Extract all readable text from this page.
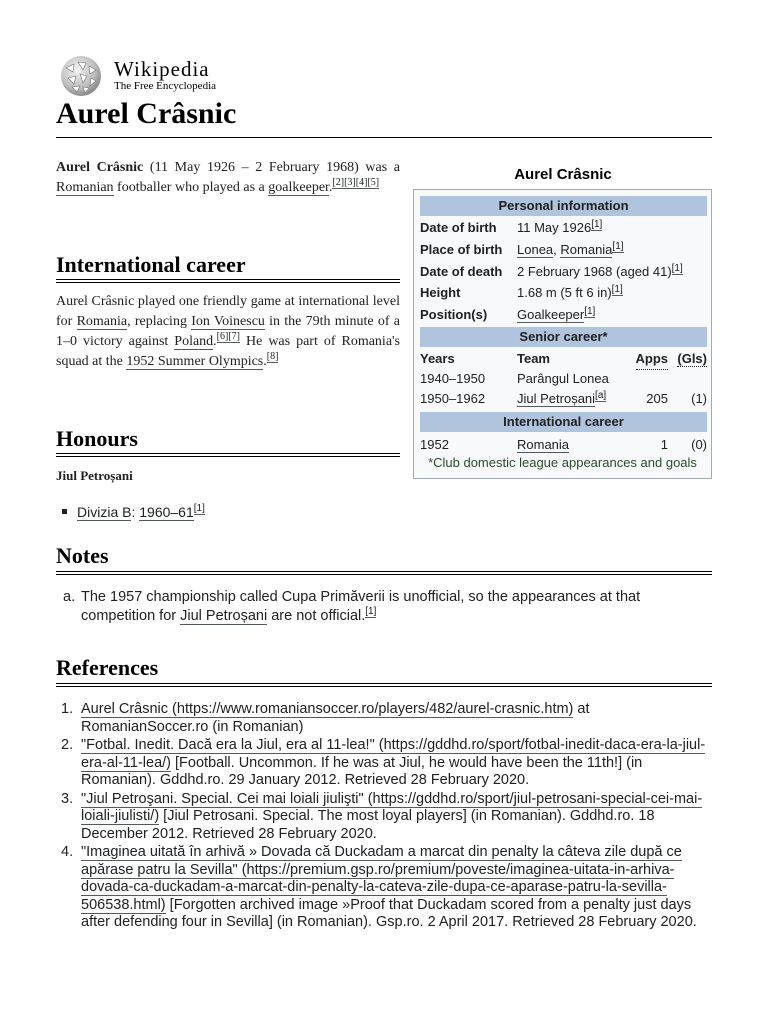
Wikipedia
The Free Encyclopedia
Aurel Crâsnic

Aurel Crâsnic (11 May 1926 – 2 February 1968) was a Romanian footballer who played as a goalkeeper.[2][3][4][5]

International career

Aurel Crâsnic played one friendly game at international level for Romania, replacing Ion Voinescu in the 79th minute of a 1–0 victory against Poland.[6][7] He was part of Romania's squad at the 1952 Summer Olympics.[8]

Honours
Jiul Petroșani
Divizia B: 1960–61[1]
Notes
a. The 1957 championship called Cupa Primăverii is unofficial, so the appearances at that competition for Jiul Petroșani are not official.[1]
References
1. Aurel Crâsnic (https://www.romaniansoccer.ro/players/482/aurel-crasnic.htm) at RomanianSoccer.ro (in Romanian)
2. "Fotbal. Inedit. Dacă era la Jiul, era al 11-lea!" (https://gddhd.ro/sport/fotbal-inedit-daca-era-la-jiul-era-al-11-lea/) [Football. Uncommon. If he was at Jiul, he would have been the 11th!] (in Romanian). Gddhd.ro. 29 January 2012. Retrieved 28 February 2020.
3. "Jiul Petroşani. Special. Cei mai loiali jiulişti" (https://gddhd.ro/sport/jiul-petrosani-special-cei-mai-loiali-jiulisti/) [Jiul Petrosani. Special. The most loyal players] (in Romanian). Gddhd.ro. 18 December 2012. Retrieved 28 February 2020.
4. "Imaginea uitată în arhivă » Dovada că Duckadam a marcat din penalty la câteva zile după ce apărase patru la Sevilla" (https://premium.gsp.ro/premium/poveste/imaginea-uitata-in-arhiva-dovada-ca-duckadam-a-marcat-din-penalty-la-cateva-zile-dupa-ce-aparase-patru-la-sevilla-506538.html) [Forgotten archived image »Proof that Duckadam scored from a penalty just days after defending four in Sevilla] (in Romanian). Gsp.ro. 2 April 2017. Retrieved 28 February 2020.
Aurel Crâsnic
Personal information
Date of birth 11 May 1926[1]
Place of birth Lonea, Romania[1]
Date of death 2 February 1968 (aged 41)[1]
Height	1.68 m (5 ft 6 in)[1]
Position(s) Goalkeeper[1]
Senior career*
Years	Team	Apps (Gls)
1940–1950 Parângul Lonea
1950–1962 Jiul Petroșani[a]	205 (1)
International career
1952	Romania	1 (0)
*Club domestic league appearances and goals
